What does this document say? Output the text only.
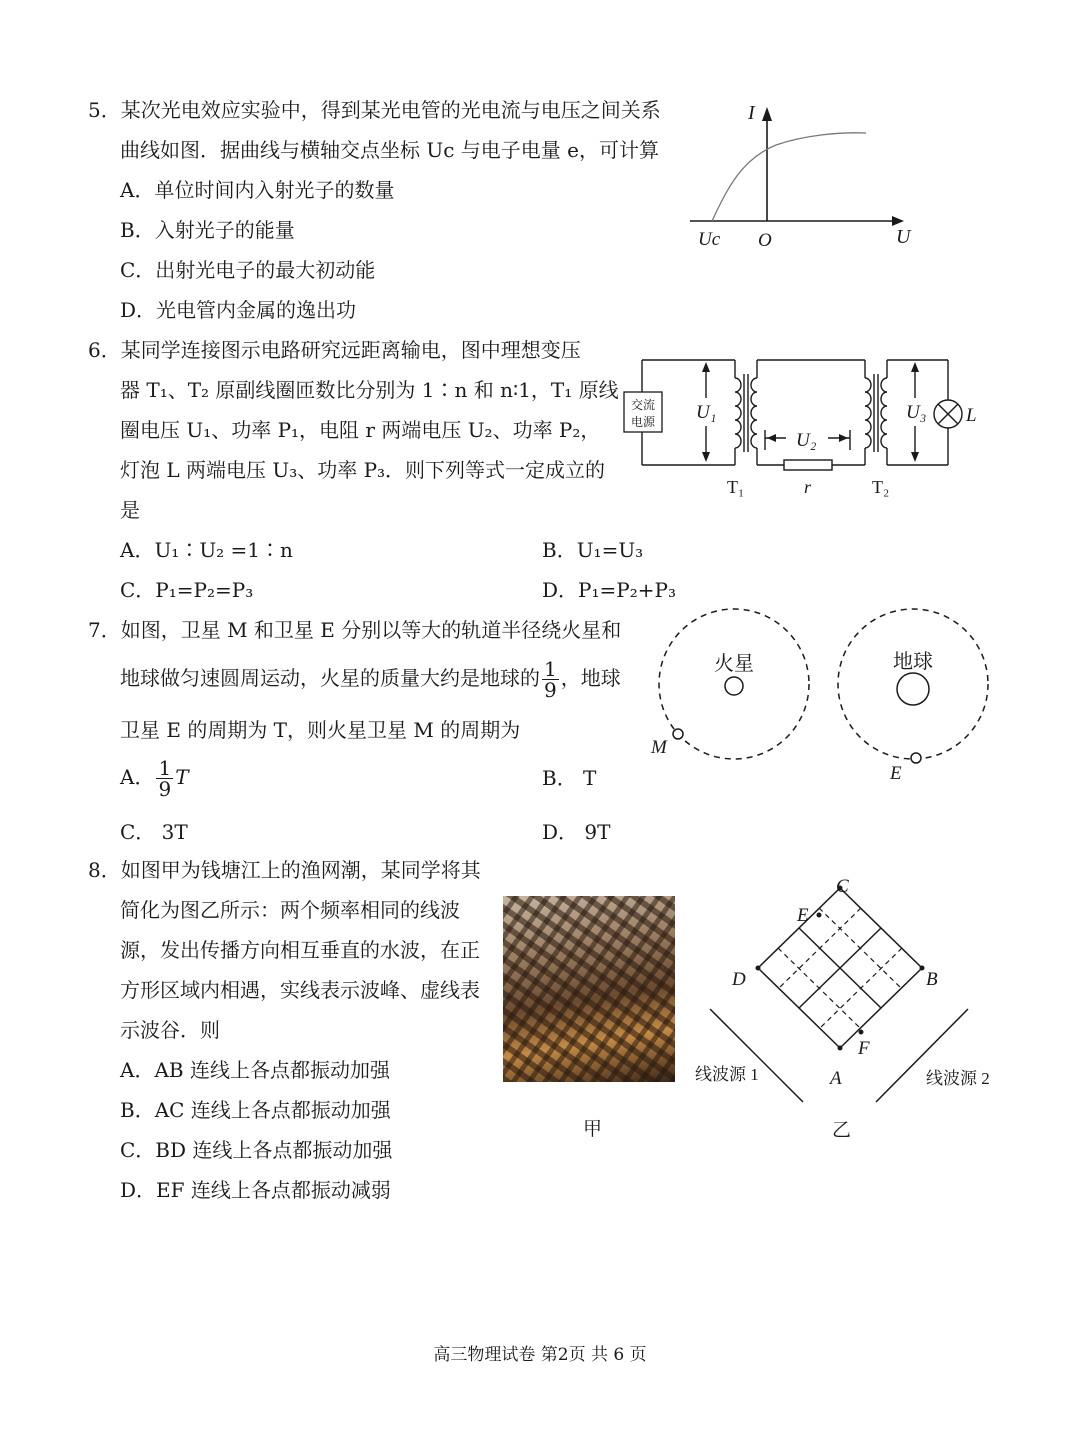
5．某次光电效应实验中，得到某光电管的光电流与电压之间关系
曲线如图．据曲线与横轴交点坐标 Uc 与电子电量 e，可计算
A．单位时间内入射光子的数量
B．入射光子的能量
C．出射光电子的最大初动能
D．光电管内金属的逸出功
I
U
O
Uc
6．某同学连接图示电路研究远距离输电，图中理想变压
器 T₁、T₂ 原副线圈匝数比分别为 1∶n 和 n∶1，T₁ 原线
圈电压 U₁、功率 P₁，电阻 r 两端电压 U₂、功率 P₂，
灯泡 L 两端电压 U₃、功率 P₃．则下列等式一定成立的
是
A．U₁∶U₂ =1∶n	B．U₁=U₃
C．P₁=P₂=P₃	D．P₁=P₂+P₃
交流
电源 U₁	U₃
U₂
L
T₁	r	T₂
7．如图，卫星 M 和卫星 E 分别以等大的轨道半径绕火星和
地球做匀速圆周运动，火星的质量大约是地球的 $\frac{1}{9}$ ，地球
卫星 E 的周期为 T，则火星卫星 M 的周期为
A． $\frac{1}{9}$ T	B． T
C． 3T	D． 9T
火星	地球
M
E
8．如图甲为钱塘江上的渔网潮，某同学将其
简化为图乙所示：两个频率相同的线波
源，发出传播方向相互垂直的水波，在正
方形区域内相遇，实线表示波峰、虚线表
示波谷．则
A．AB 连线上各点都振动加强
B．AC 连线上各点都振动加强
C．BD 连线上各点都振动加强
D．EF 连线上各点都振动减弱
甲
C
B
A
D
E
F
线波源 1	线波源 2
乙
高三物理试卷 第2页 共 6 页
